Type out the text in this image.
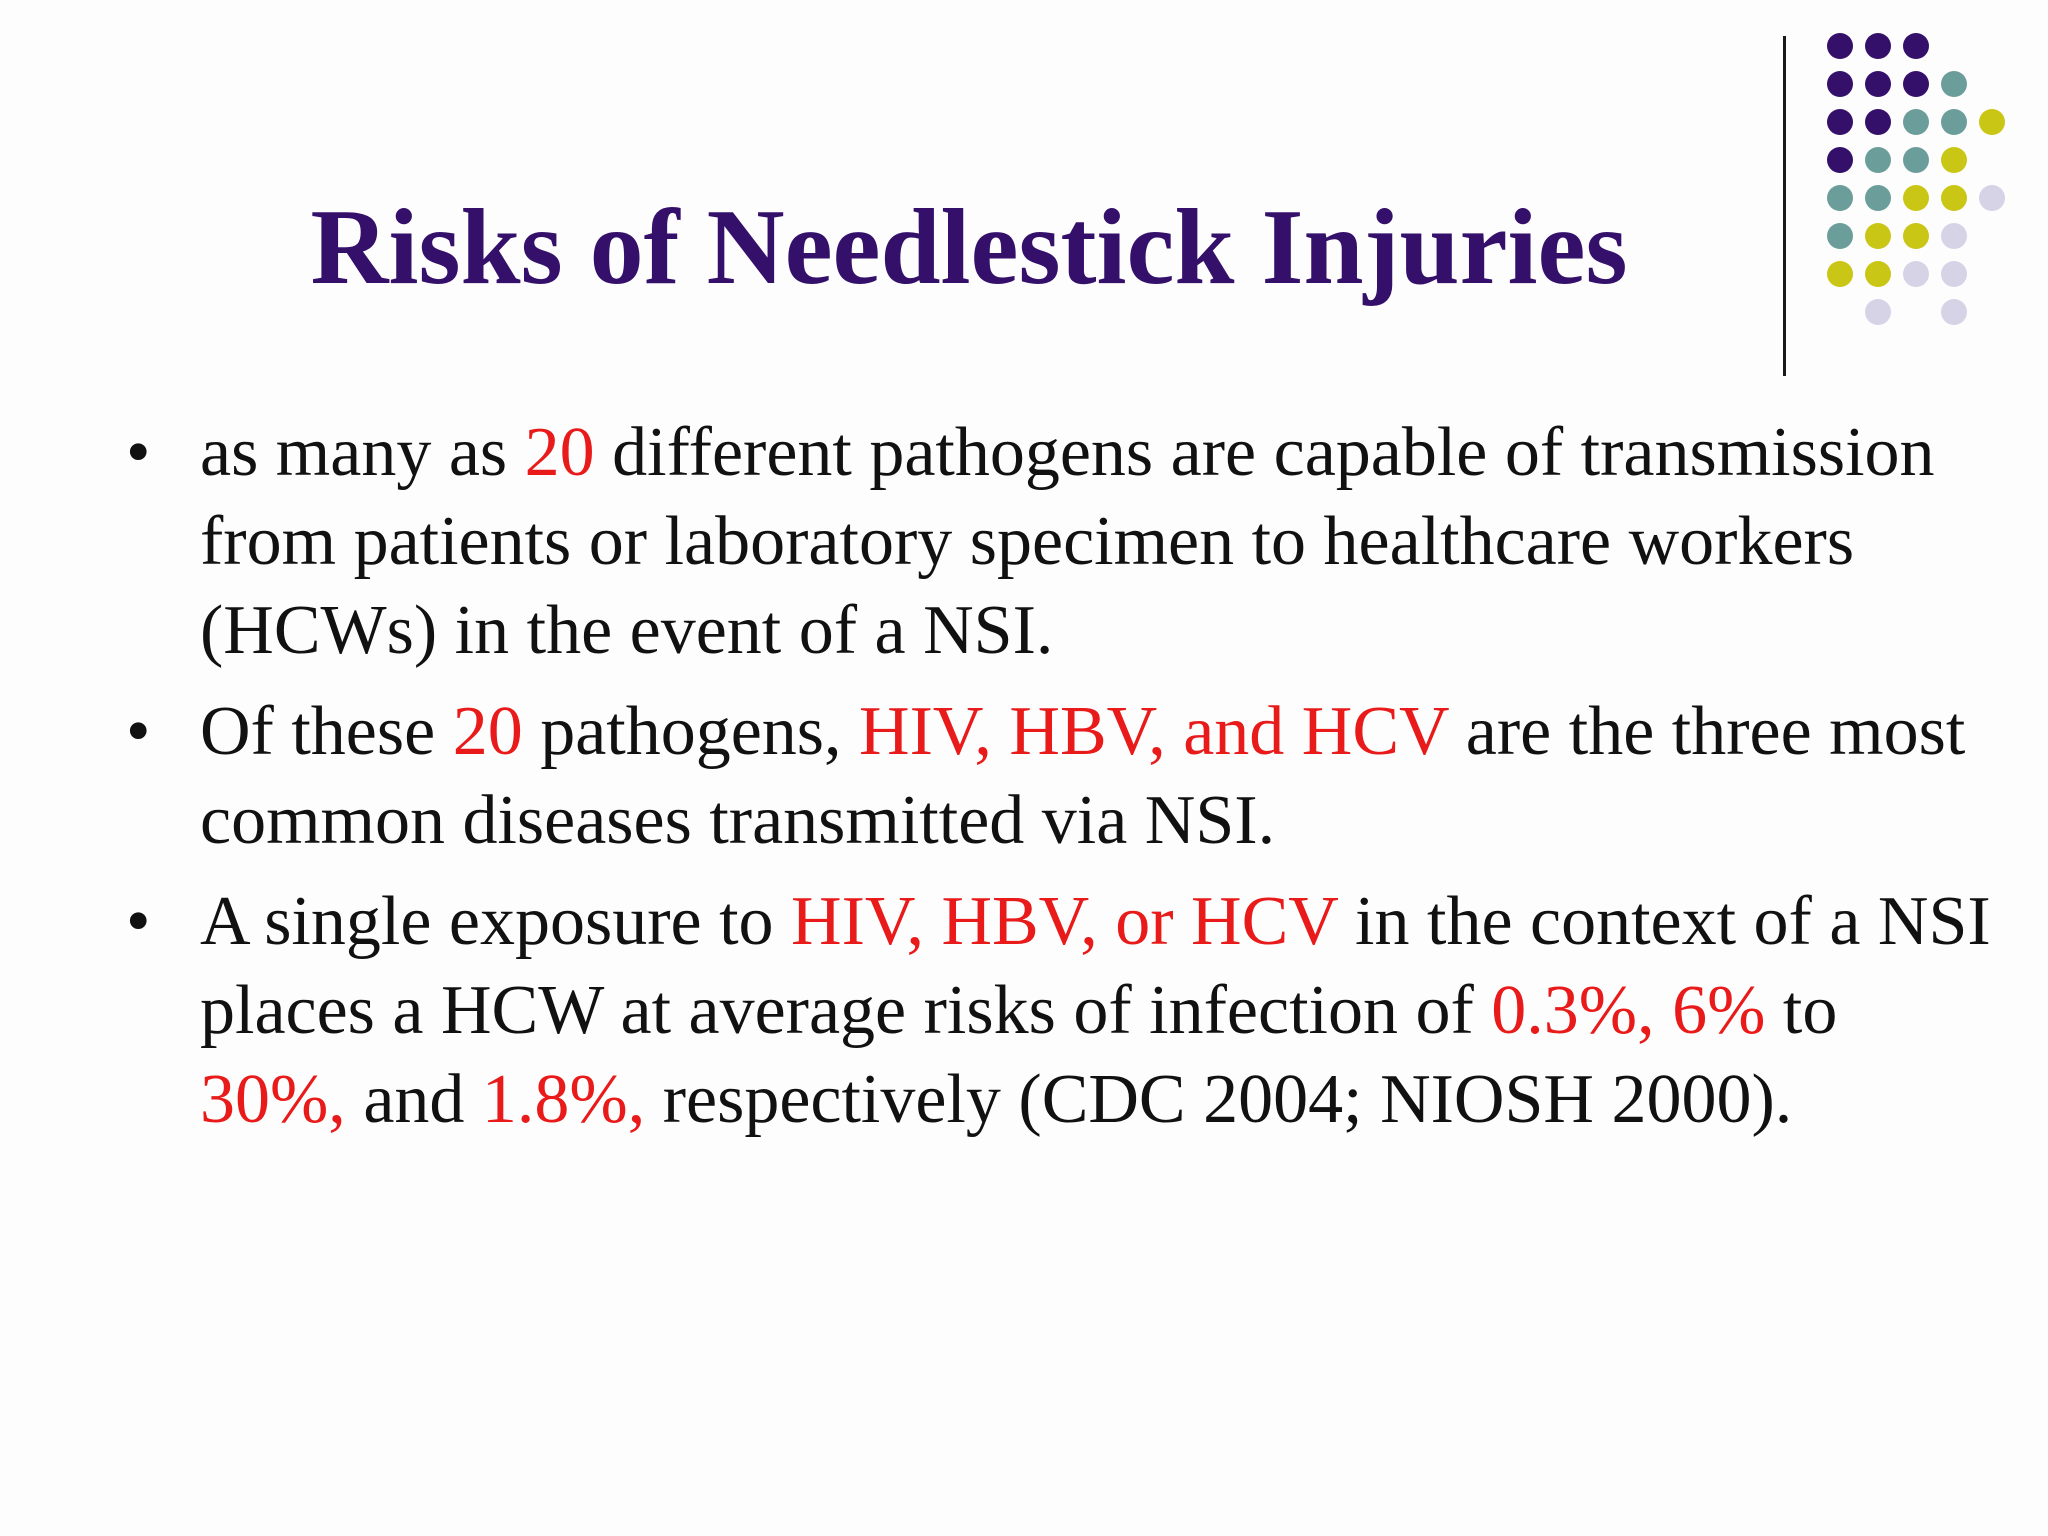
Risks of Needlestick Injuries
• as many as 20 different pathogens are capable of transmission from patients or laboratory specimen to healthcare workers (HCWs) in the event of a NSI.
• Of these 20 pathogens, HIV, HBV, and HCV are the three most common diseases transmitted via NSI.
• A single exposure to HIV, HBV, or HCV in the context of a NSI places a HCW at average risks of infection of 0.3%, 6% to 30%, and 1.8%, respectively (CDC 2004; NIOSH 2000).
